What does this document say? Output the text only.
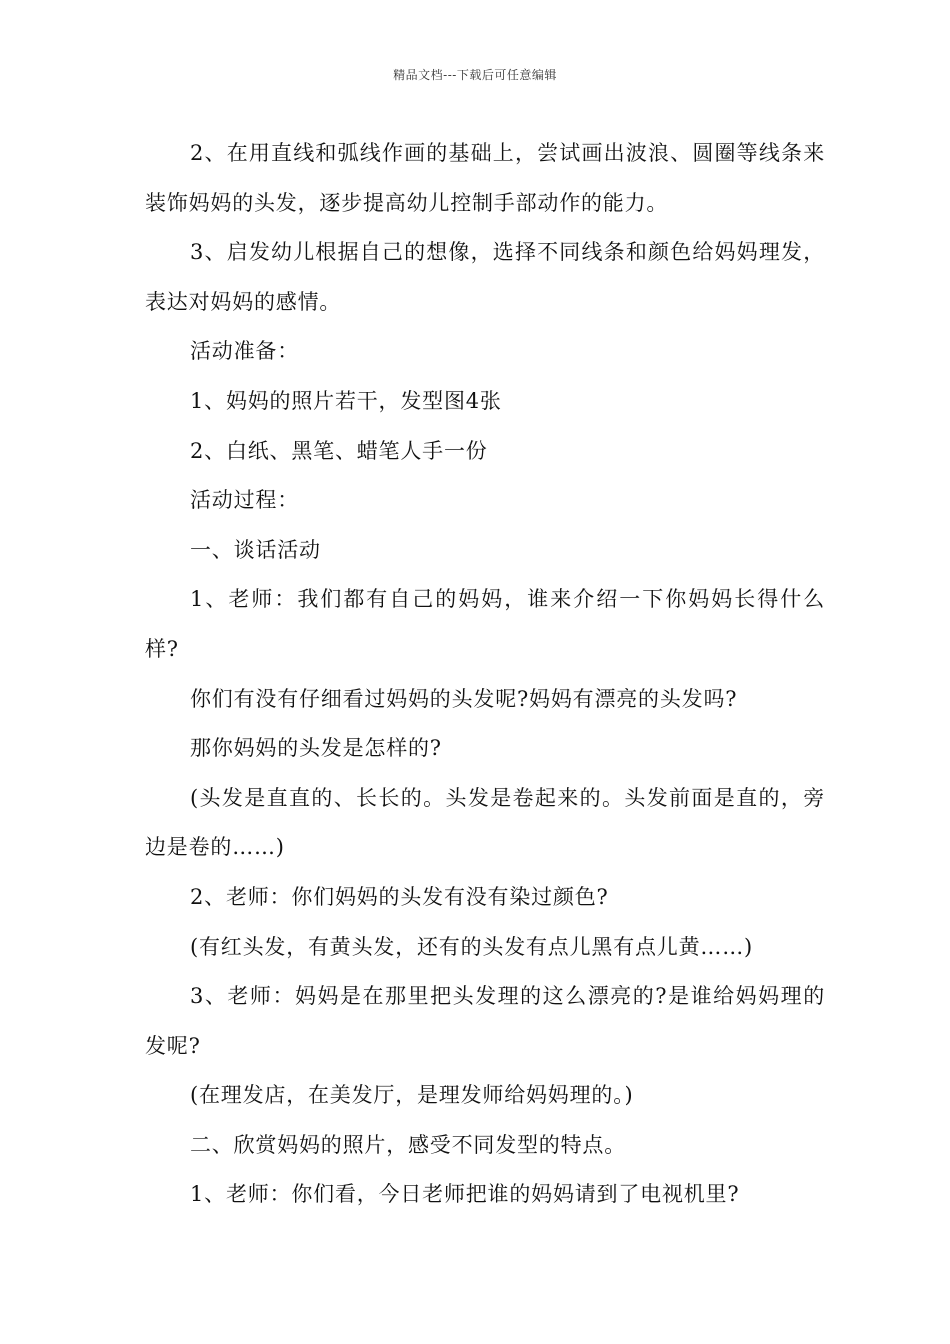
精品文档---下载后可任意编辑

2、在用直线和弧线作画的基础上，尝试画出波浪、圆圈等线条来装饰妈妈的头发，逐步提高幼儿控制手部动作的能力。

3、启发幼儿根据自己的想像，选择不同线条和颜色给妈妈理发，表达对妈妈的感情。

活动准备：

1、妈妈的照片若干，发型图4张

2、白纸、黑笔、蜡笔人手一份

活动过程：

一、谈话活动

1、老师：我们都有自己的妈妈，谁来介绍一下你妈妈长得什么样?

你们有没有仔细看过妈妈的头发呢?妈妈有漂亮的头发吗?

那你妈妈的头发是怎样的?

(头发是直直的、长长的。头发是卷起来的。头发前面是直的，旁边是卷的……)

2、老师：你们妈妈的头发有没有染过颜色?

(有红头发，有黄头发，还有的头发有点儿黑有点儿黄……)

3、老师：妈妈是在那里把头发理的这么漂亮的?是谁给妈妈理的发呢?

(在理发店，在美发厅，是理发师给妈妈理的。)

二、欣赏妈妈的照片，感受不同发型的特点。

1、老师：你们看，今日老师把谁的妈妈请到了电视机里?
